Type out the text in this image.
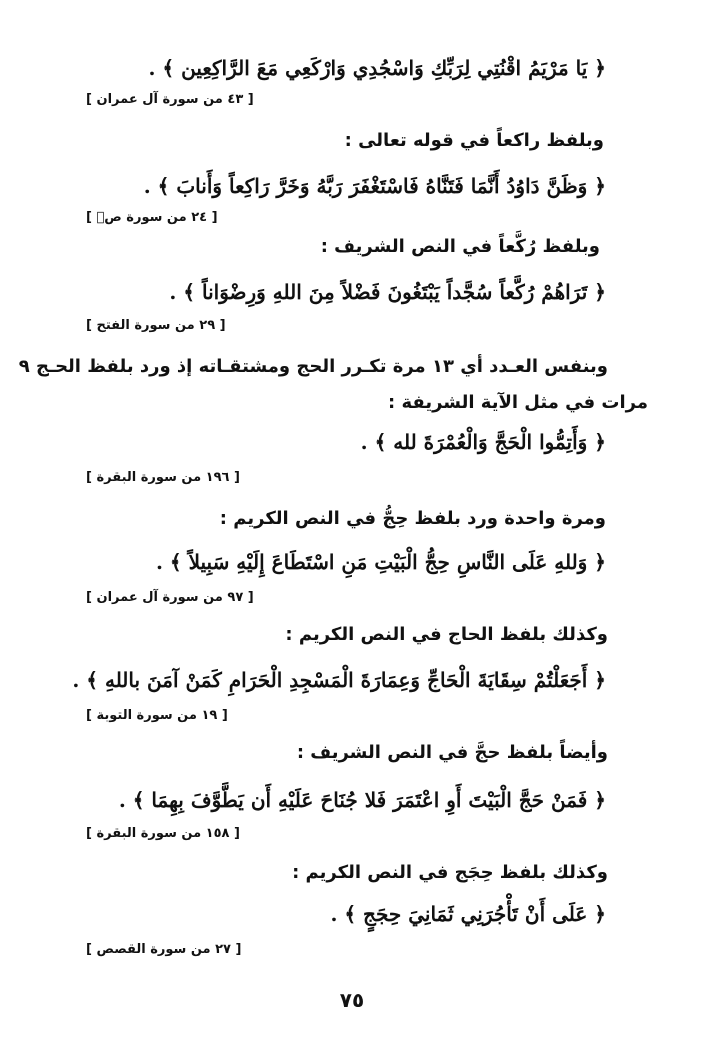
﴿ يَا مَرْيَمُ اقْنُتِي لِرَبِّكِ وَاسْجُدِي وَارْكَعِي مَعَ الرَّاكِعِين ﴾ .
[ ٤٣ من سورة آل عمران ]
وبلفظ راكعاً في قوله تعالى :
﴿ وَظَنَّ دَاوُدُ أَنَّمَا فَتَنَّاهُ فَاسْتَغْفَرَ رَبَّهُ وَخَرَّ رَاكِعاً وَأَنابَ ﴾ .
[ ٢٤ من سورة صۤ ]
وبلفظ رُكَّعاً في النص الشريف :
﴿ تَرَاهُمْ رُكَّعاً سُجَّداً يَبْتَغُونَ فَضْلاً مِنَ اللهِ وَرِضْوَاناً ﴾ .
[ ٢٩ من سورة الفتح ]
وبنفس العـدد أي ١٣ مرة تكـرر الحج ومشتقـاته إذ ورد بلفظ الحـج ٩
مرات في مثل الآية الشريفة :
﴿ وَأَتِمُّوا الْحَجَّ وَالْعُمْرَةَ لله ﴾ .
[ ١٩٦ من سورة البقرة ]
ومرة واحدة ورد بلفظ حِجُّ في النص الكريم :
﴿ وَللهِ عَلَى النَّاسِ حِجُّ الْبَيْتِ مَنِ اسْتَطَاعَ إِلَيْهِ سَبِيلاً ﴾ .
[ ٩٧ من سورة آل عمران ]
وكذلك بلفظ الحاج في النص الكريم :
﴿ أَجَعَلْتُمْ سِقَايَةَ الْحَاجِّ وَعِمَارَةَ الْمَسْجِدِ الْحَرَامِ كَمَنْ آمَنَ باللهِ ﴾ .
[ ١٩ من سورة التوبة ]
وأيضاً بلفظ حجَّ في النص الشريف :
﴿ فَمَنْ حَجَّ الْبَيْتَ أَوِ اعْتَمَرَ فَلا جُنَاحَ عَلَيْهِ أَن يَطَّوَّفَ بِهِمَا ﴾ .
[ ١٥٨ من سورة البقرة ]
وكذلك بلفظ حِجَج في النص الكريم :
﴿ عَلَى أَنْ تَأْجُرَنِي ثَمَانِيَ حِجَجٍ ﴾ .
[ ٢٧ من سورة القصص ]
٧٥
